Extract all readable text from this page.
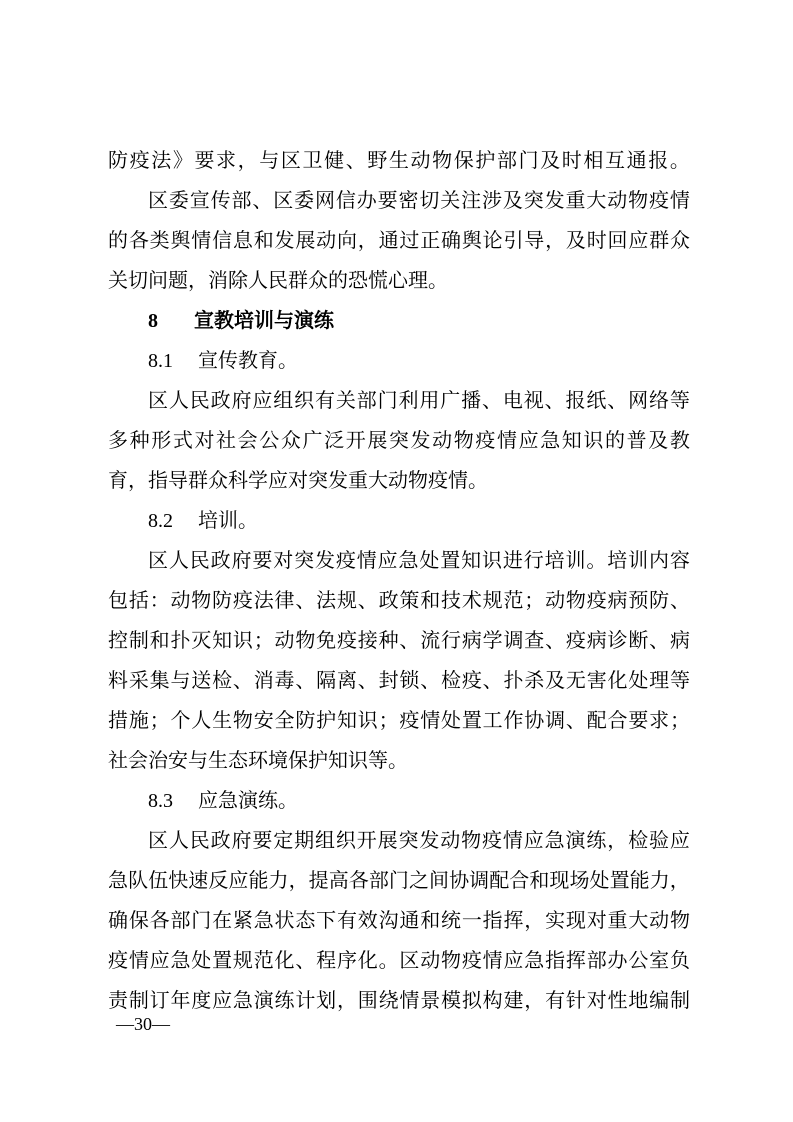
防 疫 法 》 要 求 ， 与 区 卫 健 、 野 生 动 物 保 护 部 门 及 时 相 互 通 报 。
区 委 宣 传 部 、 区 委 网 信 办 要 密 切 关 注 涉 及 突 发 重 大 动 物 疫 情
的 各 类 舆 情 信 息 和 发 展 动 向 ， 通 过 正 确 舆 论 引 导 ， 及 时 回 应 群 众
关切问题，消除人民群众的恐慌心理。
8 宣教培训与演练
8.1 宣传教育。
区 人 民 政 府 应 组 织 有 关 部 门 利 用 广 播 、 电 视 、 报 纸 、 网 络 等
多 种 形 式 对 社 会 公 众 广 泛 开 展 突 发 动 物 疫 情 应 急 知 识 的 普 及 教
育，指导群众科学应对突发重大动物疫情。
8.2 培训。
区 人 民 政 府 要 对 突 发 疫 情 应 急 处 置 知 识 进 行 培 训 。 培 训 内 容
包 括 ： 动 物 防 疫 法 律 、 法 规 、 政 策 和 技 术 规 范 ； 动 物 疫 病 预 防 、
控 制 和 扑 灭 知 识 ； 动 物 免 疫 接 种 、 流 行 病 学 调 查 、 疫 病 诊 断 、 病
料 采 集 与 送 检 、 消 毒 、 隔 离 、 封 锁 、 检 疫 、 扑 杀 及 无 害 化 处 理 等
措 施 ； 个 人 生 物 安 全 防 护 知 识 ； 疫 情 处 置 工 作 协 调 、 配 合 要 求 ；
社会治安与生态环境保护知识等。
8.3 应急演练。
区 人 民 政 府 要 定 期 组 织 开 展 突 发 动 物 疫 情 应 急 演 练 ， 检 验 应
急 队 伍 快 速 反 应 能 力 ， 提 高 各 部 门 之 间 协 调 配 合 和 现 场 处 置 能 力 ，
确 保 各 部 门 在 紧 急 状 态 下 有 效 沟 通 和 统 一 指 挥 ， 实 现 对 重 大 动 物
疫 情 应 急 处 置 规 范 化 、 程 序 化 。 区 动 物 疫 情 应 急 指 挥 部 办 公 室 负
责 制 订 年 度 应 急 演 练 计 划 ， 围 绕 情 景 模 拟 构 建 ， 有 针 对 性 地 编 制
—30—
